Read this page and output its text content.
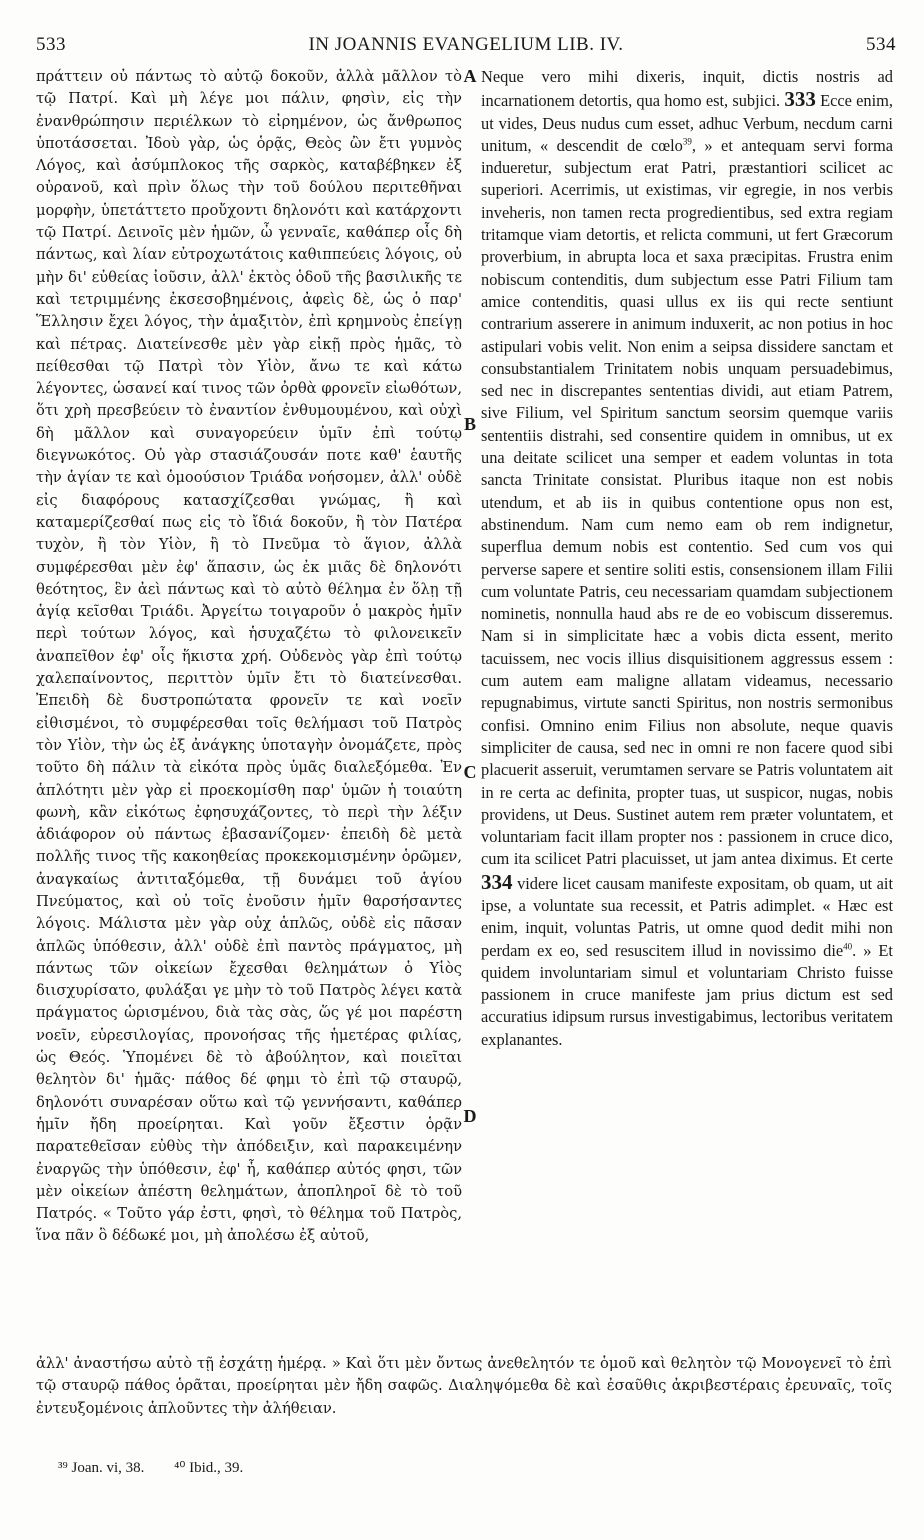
533	IN JOANNIS EVANGELIUM LIB. IV.	534

πράττειν οὐ πάντως τὸ αὐτῷ δοκοῦν, ἀλλὰ μᾶλλον τὸ τῷ Πατρί. Καὶ μὴ λέγε μοι πάλιν, φησὶν, εἰς τὴν ἐνανθρώπησιν περιέλκων τὸ εἰρημένον, ὡς ἄνθρωπος ὑποτάσσεται. Ἰδοὺ γὰρ, ὡς ὁρᾷς, Θεὸς ὢν ἔτι γυμνὸς Λόγος, καὶ ἀσύμπλοκος τῆς σαρκὸς, καταβέβηκεν ἐξ οὐρανοῦ, καὶ πρὶν ὅλως τὴν τοῦ δούλου περιτεθῆναι μορφὴν, ὑπετάττετο προὔχοντι δηλονότι καὶ κατάρχοντι τῷ Πατρί. Δεινοῖς μὲν ἡμῶν, ὦ γενναῖε, καθάπερ οἷς δὴ πάντως, καὶ λίαν εὐτροχωτάτοις καθιππεύεις λόγοις, οὐ μὴν δι' εὐθείας ἰοῦσιν, ἀλλ' ἐκτὸς ὁδοῦ τῆς βασιλικῆς τε καὶ τετριμμένης ἐκσεσοβημένοις, ἀφεὶς δὲ, ὡς ὁ παρ' Ἕλλησιν ἔχει λόγος, τὴν ἁμαξιτὸν, ἐπὶ κρημνοὺς ἐπείγῃ καὶ πέτρας. Διατείνεσθε μὲν γὰρ εἰκῇ πρὸς ἡμᾶς, τὸ πείθεσθαι τῷ Πατρὶ τὸν Υἱὸν, ἄνω τε καὶ κάτω λέγοντες, ὡσανεί καί τινος τῶν ὀρθὰ φρονεῖν εἰωθότων, ὅτι χρὴ πρεσβεύειν τὸ ἐναντίον ἐνθυμουμένου, καὶ οὐχὶ δὴ μᾶλλον καὶ συναγορεύειν ὑμῖν ἐπὶ τούτῳ διεγνωκότος. Οὐ γὰρ στασιάζουσάν ποτε καθ' ἑαυτῆς τὴν ἁγίαν τε καὶ ὁμοούσιον Τριάδα νοήσομεν, ἀλλ' οὐδὲ εἰς διαφόρους κατασχίζεσθαι γνώμας, ἢ καὶ καταμερίζεσθαί πως εἰς τὸ ἴδιά δοκοῦν, ἢ τὸν Πατέρα τυχὸν, ἢ τὸν Υἱὸν, ἢ τὸ Πνεῦμα τὸ ἅγιον, ἀλλὰ συμφέρεσθαι μὲν ἐφ' ἅπασιν, ὡς ἐκ μιᾶς δὲ δηλονότι θεότητος, ἓν ἀεὶ πάντως καὶ τὸ αὐτὸ θέλημα ἐν ὅλῃ τῇ ἁγίᾳ κεῖσθαι Τριάδι. Ἀργείτω τοιγαροῦν ὁ μακρὸς ἡμῖν περὶ τούτων λόγος, καὶ ἡσυχαζέτω τὸ φιλονεικεῖν ἀναπεῖθον ἐφ' οἷς ἥκιστα χρή. Οὐδενὸς γὰρ ἐπὶ τούτῳ χαλεπαίνοντος, περιττὸν ὑμῖν ἔτι τὸ διατείνεσθαι. Ἐπειδὴ δὲ δυστροπώτατα φρονεῖν τε καὶ νοεῖν εἰθισμένοι, τὸ συμφέρεσθαι τοῖς θελήμασι τοῦ Πατρὸς τὸν Υἱὸν, τὴν ὡς ἐξ ἀνάγκης ὑποταγὴν ὀνομάζετε, πρὸς τοῦτο δὴ πάλιν τὰ εἰκότα πρὸς ὑμᾶς διαλεξόμεθα. Ἐν ἁπλότητι μὲν γὰρ εἰ προεκομίσθη παρ' ὑμῶν ἡ τοιαύτη φωνὴ, κἂν εἰκότως ἐφησυχάζοντες, τὸ περὶ τὴν λέξιν ἀδιάφορον οὐ πάντως ἐβασανίζομεν· ἐπειδὴ δὲ μετὰ πολλῆς τινος τῆς κακοηθείας προκεκομισμένην ὁρῶμεν, ἀναγκαίως ἀντιταξόμεθα, τῇ δυνάμει τοῦ ἁγίου Πνεύματος, καὶ οὐ τοῖς ἐνοῦσιν ἡμῖν θαρσήσαντες λόγοις. Μάλιστα μὲν γὰρ οὐχ ἁπλῶς, οὐδὲ εἰς πᾶσαν ἁπλῶς ὑπόθεσιν, ἀλλ' οὐδὲ ἐπὶ παντὸς πράγματος, μὴ πάντως τῶν οἰκείων ἔχεσθαι θελημάτων ὁ Υἱὸς διισχυρίσατο, φυλάξαι γε μὴν τὸ τοῦ Πατρὸς λέγει κατὰ πράγματος ὡρισμένου, διὰ τὰς σὰς, ὥς γέ μοι παρέστη νοεῖν, εὑρεσιλογίας, προνοήσας τῆς ἡμετέρας φιλίας, ὡς Θεός. Ὑπομένει δὲ τὸ ἀβούλητον, καὶ ποιεῖται θελητὸν δι' ἡμᾶς· πάθος δέ φημι τὸ ἐπὶ τῷ σταυρῷ, δηλονότι συναρέσαν οὕτω καὶ τῷ γεννήσαντι, καθάπερ ἡμῖν ἤδη προείρηται. Καὶ γοῦν ἔξεστιν ὁρᾷν παρατεθεῖσαν εὐθὺς τὴν ἀπόδειξιν, καὶ παρακειμένην ἐναργῶς τὴν ὑπόθεσιν, ἐφ' ἧ, καθάπερ αὐτός φησι, τῶν μὲν οἰκείων ἀπέστη θελημάτων, ἀποπληροῖ δὲ τὸ τοῦ Πατρός. « Τοῦτο γάρ ἐστι, φησὶ, τὸ θέλημα τοῦ Πατρὸς, ἵνα πᾶν ὃ δέδωκέ μοι, μὴ ἀπολέσω ἐξ αὐτοῦ,

A
B
C
D

Neque vero mihi dixeris, inquit, dictis nostris ad incarnationem detortis, qua homo est, subjici. 333 Ecce enim, ut vides, Deus nudus cum esset, adhuc Verbum, necdum carni unitum, « descendit de cœlo$^{39}$, » et antequam servi forma indueretur, subjectum erat Patri, præstantiori scilicet ac superiori. Acerrimis, ut existimas, vir egregie, in nos verbis inveheris, non tamen recta progredientibus, sed extra regiam tritamque viam detortis, et relicta communi, ut fert Græcorum proverbium, in abrupta loca et saxa præcipitas. Frustra enim nobiscum contenditis, dum subjectum esse Patri Filium tam amice contenditis, quasi ullus ex iis qui recte sentiunt contrarium asserere in animum induxerit, ac non potius in hoc astipulari vobis velit. Non enim a seipsa dissidere sanctam et consubstantialem Trinitatem nobis unquam persuadebimus, sed nec in discrepantes sententias dividi, aut etiam Patrem, sive Filium, vel Spiritum sanctum seorsim quemque variis sententiis distrahi, sed consentire quidem in omnibus, ut ex una deitate scilicet una semper et eadem voluntas in tota sancta Trinitate consistat. Pluribus itaque non est nobis utendum, et ab iis in quibus contentione opus non est, abstinendum. Nam cum nemo eam ob rem indignetur, superflua demum nobis est contentio. Sed cum vos qui perverse sapere et sentire soliti estis, consensionem illam Filii cum voluntate Patris, ceu necessariam quamdam subjectionem nominetis, nonnulla haud abs re de eo vobiscum disseremus. Nam si in simplicitate hæc a vobis dicta essent, merito tacuissem, nec vocis illius disquisitionem aggressus essem : cum autem eam maligne allatam videamus, necessario repugnabimus, virtute sancti Spiritus, non nostris sermonibus confisi. Omnino enim Filius non absolute, neque quavis simpliciter de causa, sed nec in omni re non facere quod sibi placuerit asseruit, verumtamen servare se Patris voluntatem ait in re certa ac definita, propter tuas, ut suspicor, nugas, nobis providens, ut Deus. Sustinet autem rem præter voluntatem, et voluntariam facit illam propter nos : passionem in cruce dico, cum ita scilicet Patri placuisset, ut jam antea diximus. Et certe 334 videre licet causam manifeste expositam, ob quam, ut ait ipse, a voluntate sua recessit, et Patris adimplet. « Hæc est enim, inquit, voluntas Patris, ut omne quod dedit mihi non perdam ex eo, sed resuscitem illud in novissimo die$^{40}$. » Et quidem involuntariam simul et voluntariam Christo fuisse passionem in cruce manifeste jam prius dictum est sed accuratius idipsum rursus investigabimus, lectoribus veritatem explanantes.

ἀλλ' ἀναστήσω αὐτὸ τῇ ἐσχάτῃ ἡμέρᾳ. » Καὶ ὅτι μὲν ὄντως ἀνεθελητόν τε ὁμοῦ καὶ θελητὸν τῷ Μονογενεῖ τὸ ἐπὶ τῷ σταυρῷ πάθος ὁρᾶται, προείρηται μὲν ἤδη σαφῶς. Διαληψόμεθα δὲ καὶ ἐσαῦθις ἀκριβεστέραις ἐρευναῖς, τοῖς ἐντευξομένοις ἁπλοῦντες τὴν ἀλήθειαν.

³⁹ Joan. vi, 38. ⁴⁰ Ibid., 39.
